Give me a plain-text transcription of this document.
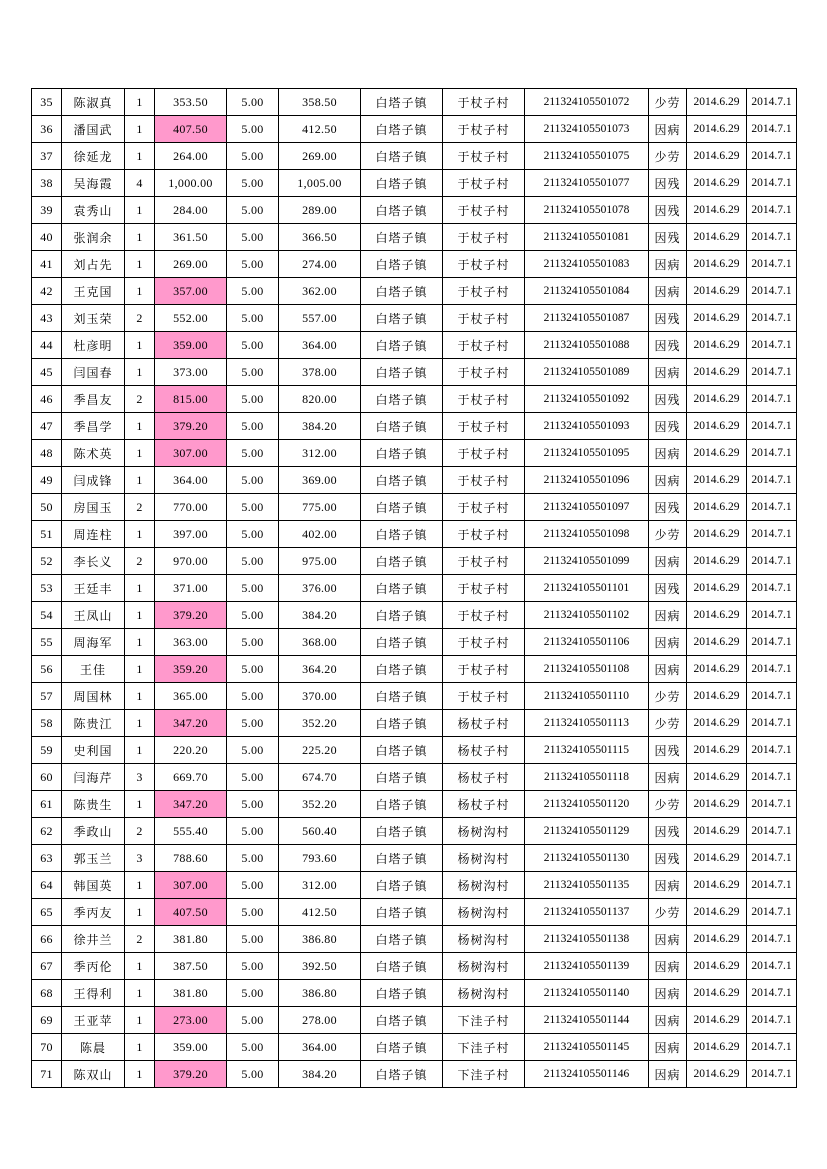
35	陈淑真	1	353.50	5.00	358.50	白塔子镇	于杖子村	211324105501072	少劳	2014.6.29	2014.7.1
36	潘国武	1	407.50	5.00	412.50	白塔子镇	于杖子村	211324105501073	因病	2014.6.29	2014.7.1
37	徐延龙	1	264.00	5.00	269.00	白塔子镇	于杖子村	211324105501075	少劳	2014.6.29	2014.7.1
38	吴海霞	4	1,000.00	5.00	1,005.00	白塔子镇	于杖子村	211324105501077	因残	2014.6.29	2014.7.1
39	袁秀山	1	284.00	5.00	289.00	白塔子镇	于杖子村	211324105501078	因残	2014.6.29	2014.7.1
40	张润余	1	361.50	5.00	366.50	白塔子镇	于杖子村	211324105501081	因残	2014.6.29	2014.7.1
41	刘占先	1	269.00	5.00	274.00	白塔子镇	于杖子村	211324105501083	因病	2014.6.29	2014.7.1
42	王克国	1	357.00	5.00	362.00	白塔子镇	于杖子村	211324105501084	因病	2014.6.29	2014.7.1
43	刘玉荣	2	552.00	5.00	557.00	白塔子镇	于杖子村	211324105501087	因残	2014.6.29	2014.7.1
44	杜彦明	1	359.00	5.00	364.00	白塔子镇	于杖子村	211324105501088	因残	2014.6.29	2014.7.1
45	闫国春	1	373.00	5.00	378.00	白塔子镇	于杖子村	211324105501089	因病	2014.6.29	2014.7.1
46	季昌友	2	815.00	5.00	820.00	白塔子镇	于杖子村	211324105501092	因残	2014.6.29	2014.7.1
47	季昌学	1	379.20	5.00	384.20	白塔子镇	于杖子村	211324105501093	因残	2014.6.29	2014.7.1
48	陈术英	1	307.00	5.00	312.00	白塔子镇	于杖子村	211324105501095	因病	2014.6.29	2014.7.1
49	闫成锋	1	364.00	5.00	369.00	白塔子镇	于杖子村	211324105501096	因病	2014.6.29	2014.7.1
50	房国玉	2	770.00	5.00	775.00	白塔子镇	于杖子村	211324105501097	因残	2014.6.29	2014.7.1
51	周连柱	1	397.00	5.00	402.00	白塔子镇	于杖子村	211324105501098	少劳	2014.6.29	2014.7.1
52	李长义	2	970.00	5.00	975.00	白塔子镇	于杖子村	211324105501099	因病	2014.6.29	2014.7.1
53	王廷丰	1	371.00	5.00	376.00	白塔子镇	于杖子村	211324105501101	因残	2014.6.29	2014.7.1
54	王凤山	1	379.20	5.00	384.20	白塔子镇	于杖子村	211324105501102	因病	2014.6.29	2014.7.1
55	周海军	1	363.00	5.00	368.00	白塔子镇	于杖子村	211324105501106	因病	2014.6.29	2014.7.1
56	王佳	1	359.20	5.00	364.20	白塔子镇	于杖子村	211324105501108	因病	2014.6.29	2014.7.1
57	周国林	1	365.00	5.00	370.00	白塔子镇	于杖子村	211324105501110	少劳	2014.6.29	2014.7.1
58	陈贵江	1	347.20	5.00	352.20	白塔子镇	杨杖子村	211324105501113	少劳	2014.6.29	2014.7.1
59	史利国	1	220.20	5.00	225.20	白塔子镇	杨杖子村	211324105501115	因残	2014.6.29	2014.7.1
60	闫海芹	3	669.70	5.00	674.70	白塔子镇	杨杖子村	211324105501118	因病	2014.6.29	2014.7.1
61	陈贵生	1	347.20	5.00	352.20	白塔子镇	杨杖子村	211324105501120	少劳	2014.6.29	2014.7.1
62	季政山	2	555.40	5.00	560.40	白塔子镇	杨树沟村	211324105501129	因残	2014.6.29	2014.7.1
63	郭玉兰	3	788.60	5.00	793.60	白塔子镇	杨树沟村	211324105501130	因残	2014.6.29	2014.7.1
64	韩国英	1	307.00	5.00	312.00	白塔子镇	杨树沟村	211324105501135	因病	2014.6.29	2014.7.1
65	季丙友	1	407.50	5.00	412.50	白塔子镇	杨树沟村	211324105501137	少劳	2014.6.29	2014.7.1
66	徐井兰	2	381.80	5.00	386.80	白塔子镇	杨树沟村	211324105501138	因病	2014.6.29	2014.7.1
67	季丙伦	1	387.50	5.00	392.50	白塔子镇	杨树沟村	211324105501139	因病	2014.6.29	2014.7.1
68	王得利	1	381.80	5.00	386.80	白塔子镇	杨树沟村	211324105501140	因病	2014.6.29	2014.7.1
69	王亚苹	1	273.00	5.00	278.00	白塔子镇	下洼子村	211324105501144	因病	2014.6.29	2014.7.1
70	陈晨	1	359.00	5.00	364.00	白塔子镇	下洼子村	211324105501145	因病	2014.6.29	2014.7.1
71	陈双山	1	379.20	5.00	384.20	白塔子镇	下洼子村	211324105501146	因病	2014.6.29	2014.7.1
